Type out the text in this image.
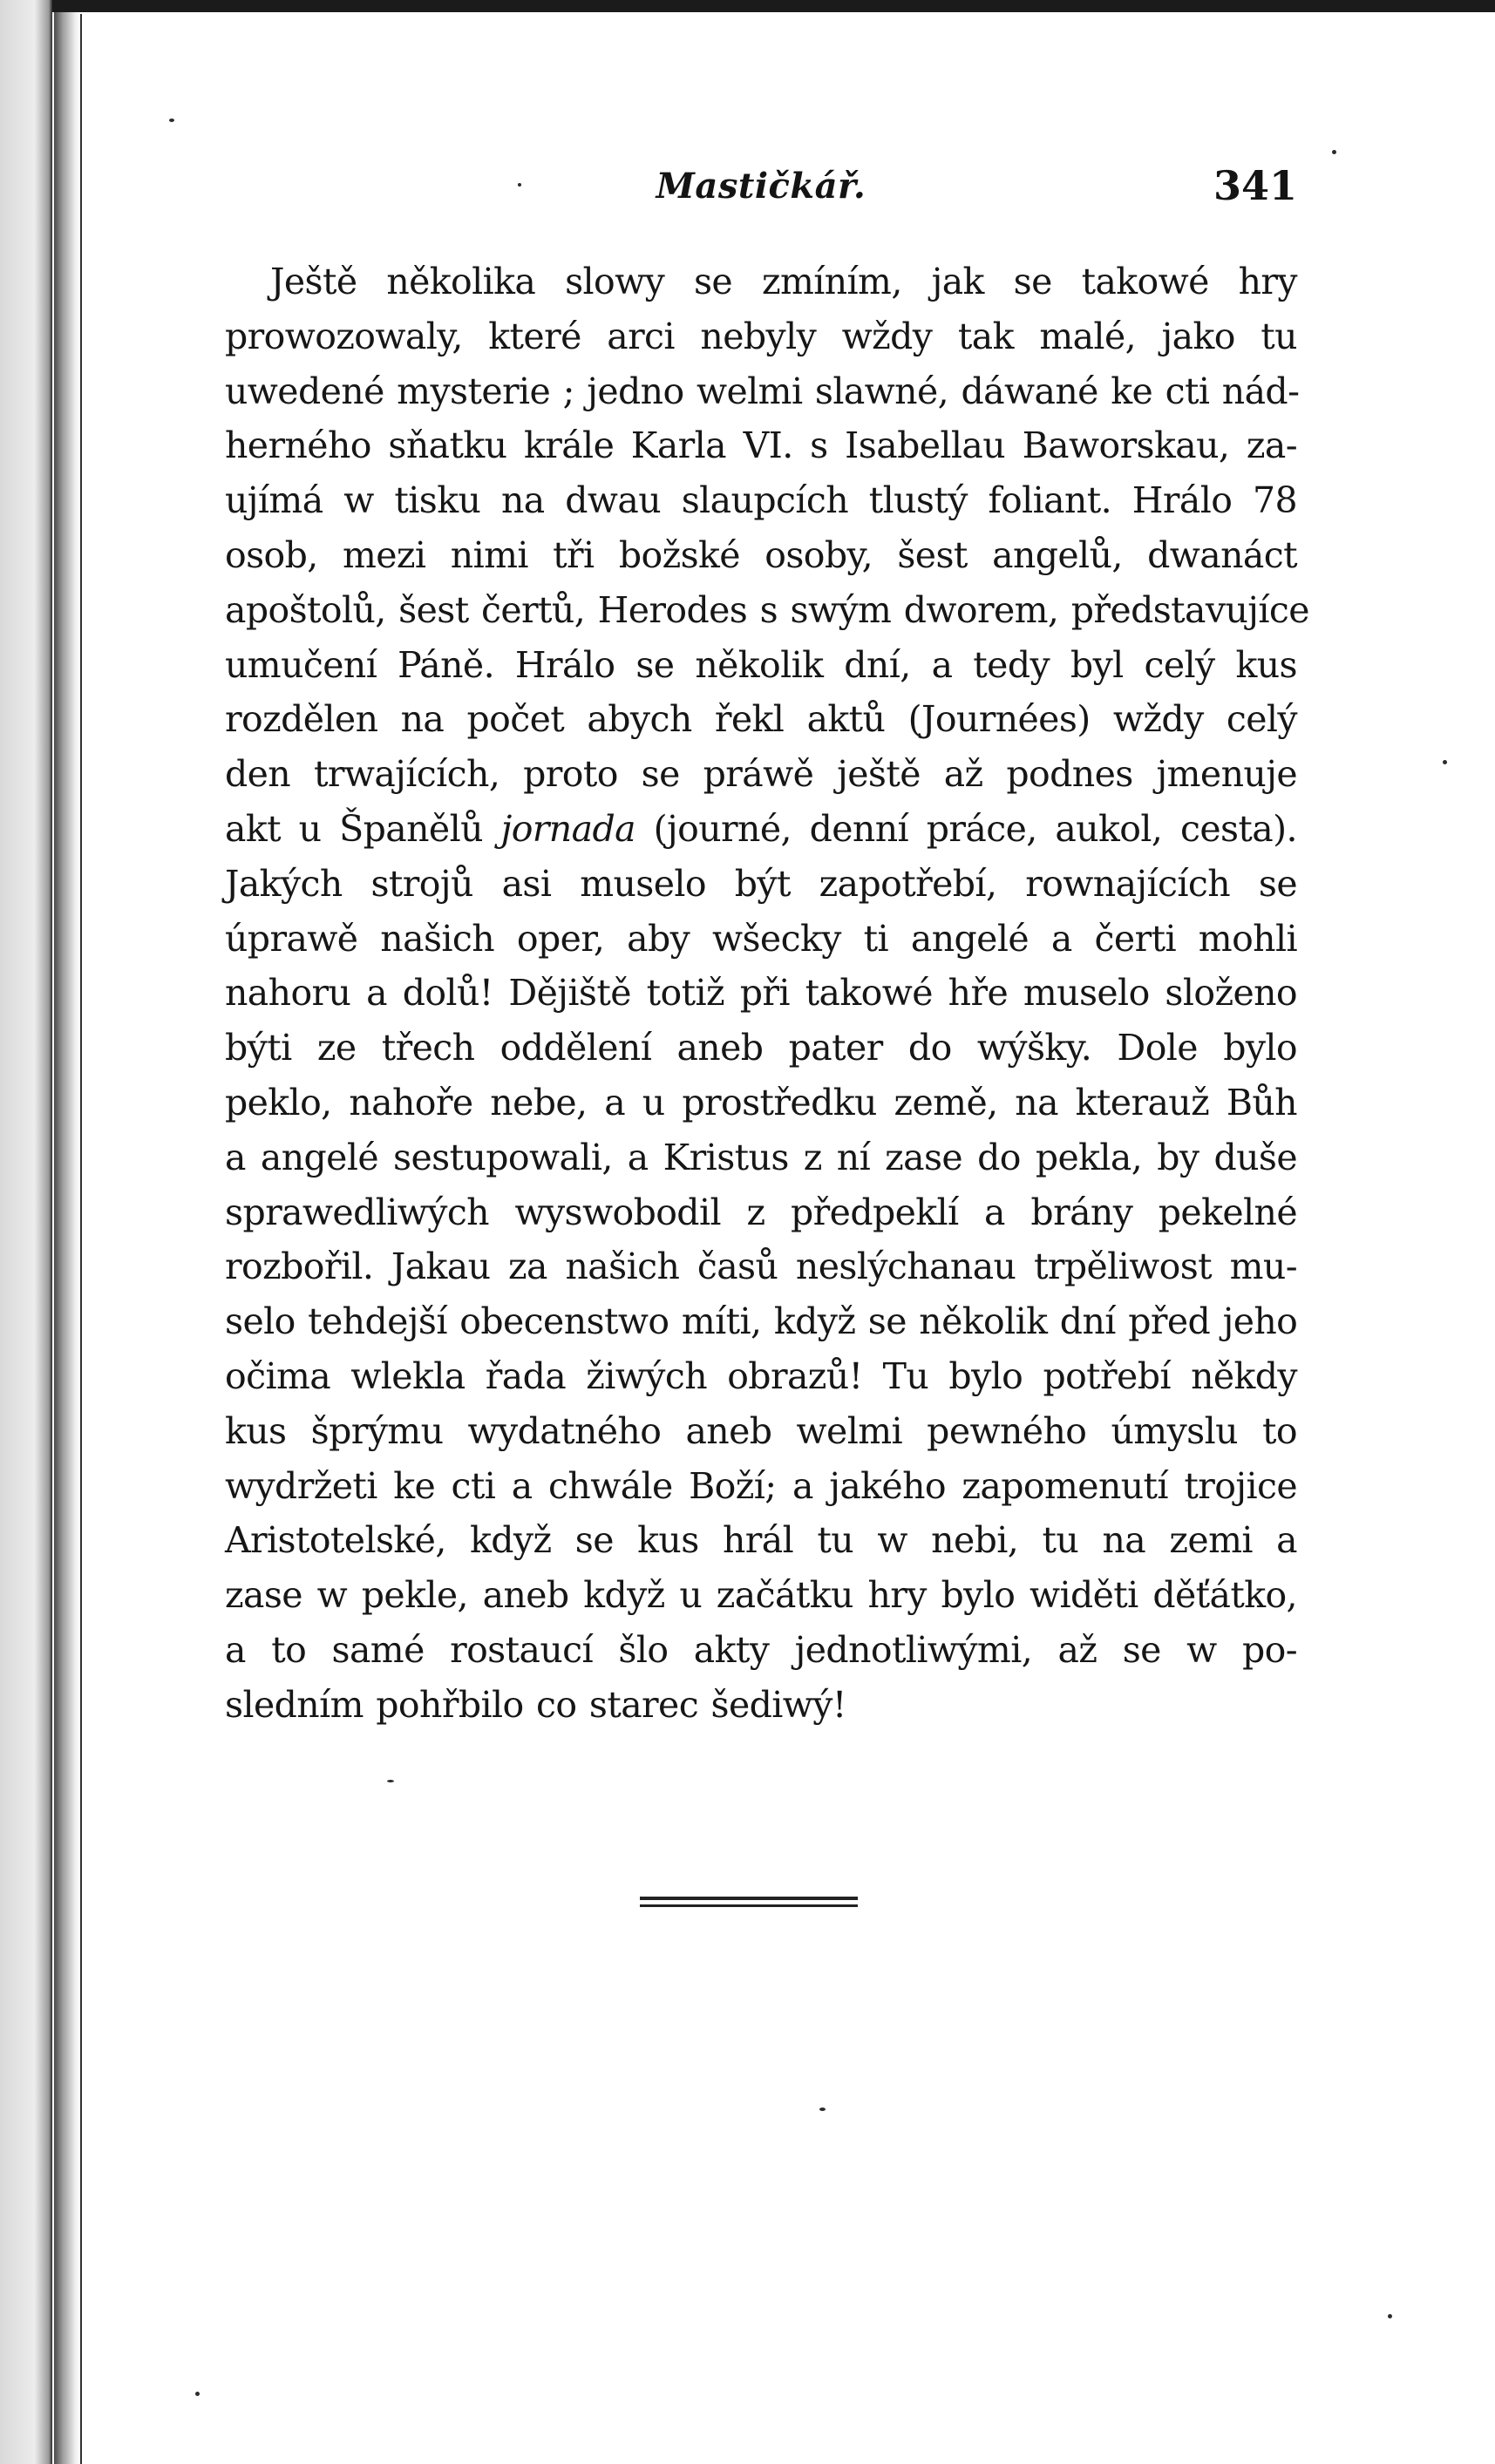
Mastičkář.	341
Ještě několika slowy se zmíním, jak se takowé hry
prowozowaly, které arci nebyly wždy tak malé, jako tu
uwedené mysterie ; jedno welmi slawné, dáwané ke cti nád-
herného sňatku krále Karla VI. s Isabellau Baworskau, za-
ujímá w tisku na dwau slaupcích tlustý foliant. Hrálo 78
osob, mezi nimi tři božské osoby, šest angelů, dwanáct
apoštolů, šest čertů, Herodes s swým dworem, představujíce
umučení Páně. Hrálo se několik dní, a tedy byl celý kus
rozdělen na počet abych řekl aktů (Journées) wždy celý
den trwajících, proto se práwě ještě až podnes jmenuje
akt u Španělů jornada (journé, denní práce, aukol, cesta).
Jakých strojů asi muselo být zapotřebí, rownajících se
úprawě našich oper, aby wšecky ti angelé a čerti mohli
nahoru a dolů! Dějiště totiž při takowé hře muselo složeno
býti ze třech oddělení aneb pater do wýšky. Dole bylo
peklo, nahoře nebe, a u prostředku země, na kterauž Bůh
a angelé sestupowali, a Kristus z ní zase do pekla, by duše
sprawedliwých wyswobodil z předpeklí a brány pekelné
rozbořil. Jakau za našich časů neslýchanau trpěliwost mu-
selo tehdejší obecenstwo míti, když se několik dní před jeho
očima wlekla řada žiwých obrazů! Tu bylo potřebí někdy
kus šprýmu wydatného aneb welmi pewného úmyslu to
wydržeti ke cti a chwále Boží; a jakého zapomenutí trojice
Aristotelské, když se kus hrál tu w nebi, tu na zemi a
zase w pekle, aneb když u začátku hry bylo widěti děťátko,
a to samé rostaucí šlo akty jednotliwými, až se w po-
sledním pohřbilo co starec šediwý!
